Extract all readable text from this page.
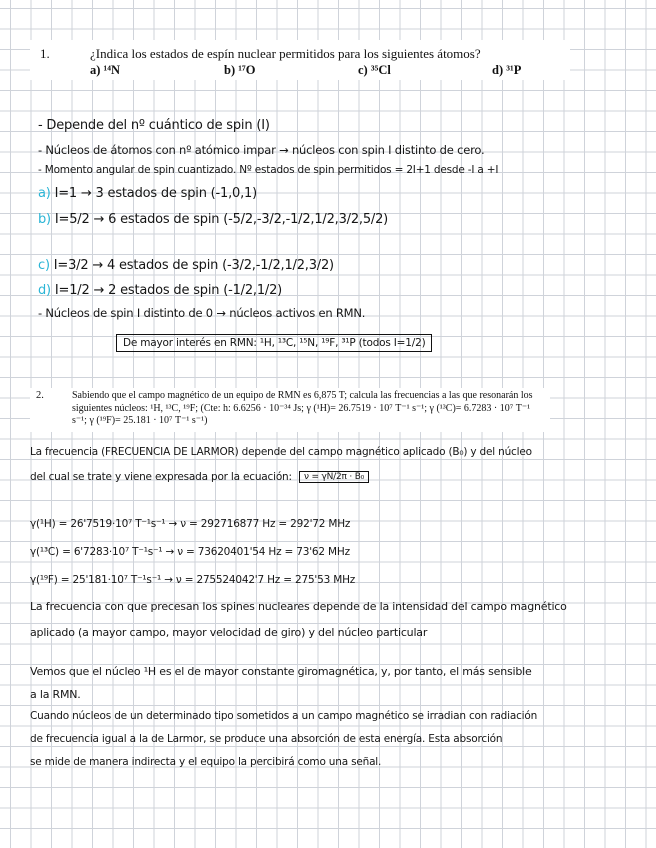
1.	¿Indica los estados de espín nuclear permitidos para los siguientes átomos?
a) ¹⁴N	b) ¹⁷O	c) ³⁵Cl	d) ³¹P
- Depende del nº cuántico de spin (I)
- Núcleos de átomos con nº atómico impar → núcleos con spin I distinto de cero.
- Momento angular de spin cuantizado. Nº estados de spin permitidos = 2I+1 desde -I a +I
a) I=1 → 3 estados de spin (-1,0,1)
b) I=5/2 → 6 estados de spin (-5/2,-3/2,-1/2,1/2,3/2,5/2)
c) I=3/2 → 4 estados de spin (-3/2,-1/2,1/2,3/2)
d) I=1/2 → 2 estados de spin (-1/2,1/2)
- Núcleos de spin I distinto de 0 → núcleos activos en RMN.
De mayor interés en RMN: ¹H, ¹³C, ¹⁵N, ¹⁹F, ³¹P (todos I=1/2)
2.	Sabiendo que el campo magnético de un equipo de RMN es 6,875 T; calcula las frecuencias a las que resonarán los siguientes núcleos: ¹H, ¹³C, ¹⁹F; (Cte: h: 6.6256 · 10⁻³⁴ Js; γ (¹H)= 26.7519 · 10⁷ T⁻¹ s⁻¹; γ (¹³C)= 6.7283 · 10⁷ T⁻¹ s⁻¹; γ (¹⁹F)= 25.181 · 10⁷ T⁻¹ s⁻¹)
La frecuencia (FRECUENCIA DE LARMOR) depende del campo magnético aplicado (B₀) y del núcleo
del cual se trate y viene expresada por la ecuación: ν = γN/2π · B₀
γ(¹H) = 26'7519·10⁷ T⁻¹s⁻¹ → ν = 292716877 Hz = 292'72 MHz
γ(¹³C) = 6'7283·10⁷ T⁻¹s⁻¹ → ν = 73620401'54 Hz = 73'62 MHz
γ(¹⁹F) = 25'181·10⁷ T⁻¹s⁻¹ → ν = 275524042'7 Hz = 275'53 MHz
La frecuencia con que precesan los spines nucleares depende de la intensidad del campo magnético
aplicado (a mayor campo, mayor velocidad de giro) y del núcleo particular
Vemos que el núcleo ¹H es el de mayor constante giromagnética, y, por tanto, el más sensible
a la RMN.
Cuando núcleos de un determinado tipo sometidos a un campo magnético se irradian con radiación
de frecuencia igual a la de Larmor, se produce una absorción de esta energía. Esta absorción
se mide de manera indirecta y el equipo la percibirá como una señal.
